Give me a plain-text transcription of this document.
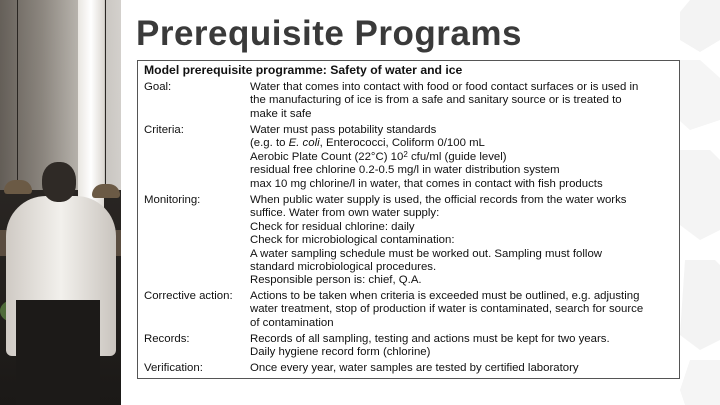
Prerequisite Programs
Model prerequisite programme: Safety of water and ice
Goal:	Water that comes into contact with food or food contact surfaces or is used in
the manufacturing of ice is from a safe and sanitary source or is treated to
make it safe
Criteria:	Water must pass potability standards
(e.g. to E. coli, Enterococci, Coliform 0/100 mL
Aerobic Plate Count (22°C) $10^2$ cfu/ml (guide level)
residual free chlorine 0.2-0.5 mg/l in water distribution system
max 10 mg chlorine/l in water, that comes in contact with fish products
Monitoring:	When public water supply is used, the official records from the water works
suffice. Water from own water supply:
Check for residual chlorine: daily
Check for microbiological contamination:
A water sampling schedule must be worked out. Sampling must follow
standard microbiological procedures.
Responsible person is: chief, Q.A.
Corrective action:	Actions to be taken when criteria is exceeded must be outlined, e.g. adjusting
water treatment, stop of production if water is contaminated, search for source
of contamination
Records:	Records of all sampling, testing and actions must be kept for two years.
Daily hygiene record form (chlorine)
Verification:	Once every year, water samples are tested by certified laboratory
